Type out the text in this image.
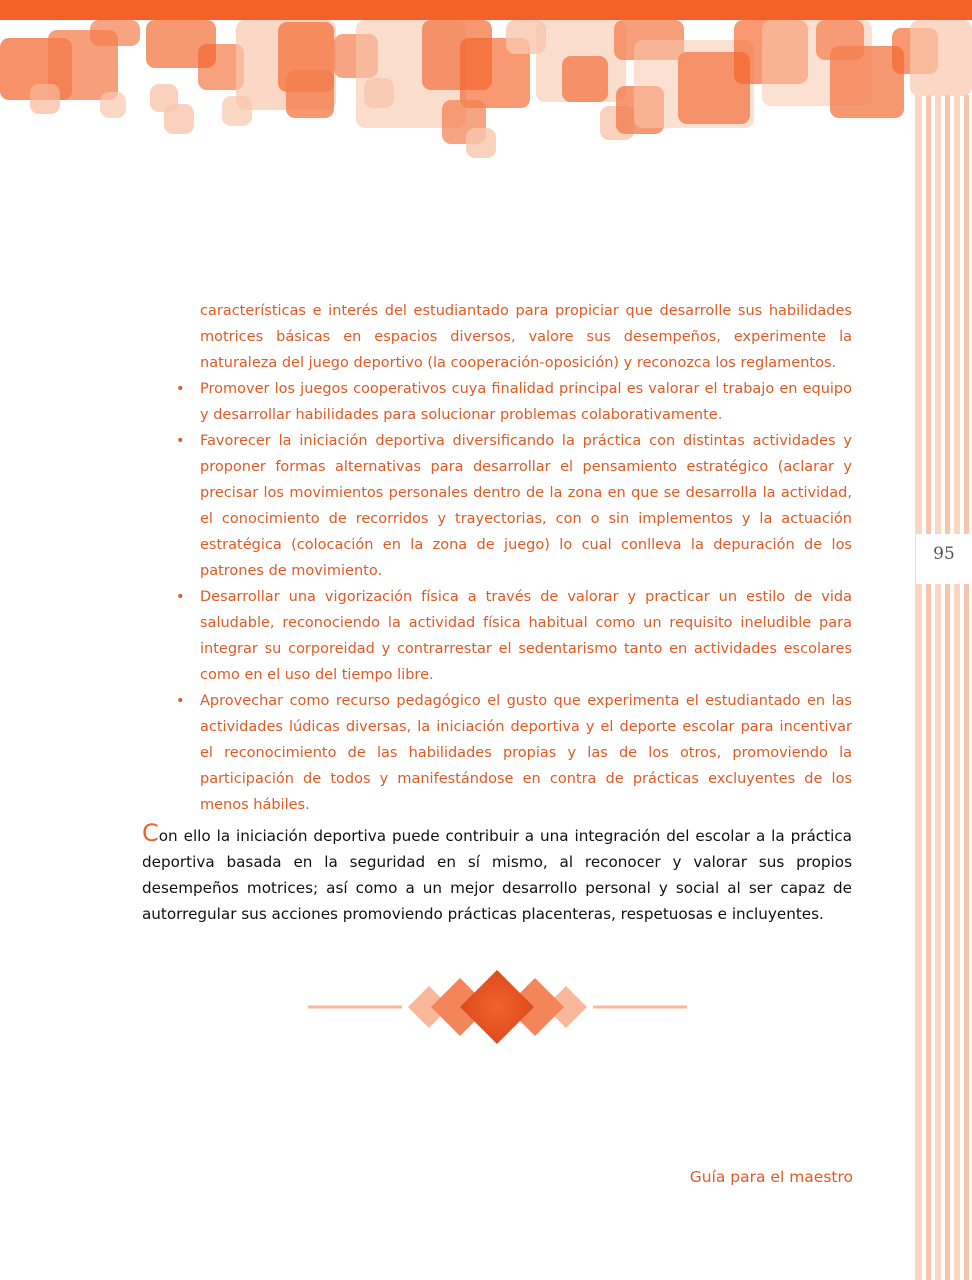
95

características e interés del estudiantado para propiciar que desarrolle sus habilidades motrices básicas en espacios diversos, valore sus desempeños, experimente la naturaleza del juego deportivo (la cooperación-oposición) y reconozca los reglamentos.

• Promover los juegos cooperativos cuya finalidad principal es valorar el trabajo en equipo y desarrollar habilidades para solucionar problemas colaborativamente.
• Favorecer la iniciación deportiva diversificando la práctica con distintas actividades y proponer formas alternativas para desarrollar el pensamiento estratégico (aclarar y precisar los movimientos personales dentro de la zona en que se desarrolla la actividad, el conocimiento de recorridos y trayectorias, con o sin implementos y la actuación estratégica (colocación en la zona de juego) lo cual conlleva la depuración de los patrones de movimiento.
• Desarrollar una vigorización física a través de valorar y practicar un estilo de vida saludable, reconociendo la actividad física habitual como un requisito ineludible para integrar su corporeidad y contrarrestar el sedentarismo tanto en actividades escolares como en el uso del tiempo libre.
• Aprovechar como recurso pedagógico el gusto que experimenta el estudiantado en las actividades lúdicas diversas, la iniciación deportiva y el deporte escolar para incentivar el reconocimiento de las habilidades propias y las de los otros, promoviendo la participación de todos y manifestándose en contra de prácticas excluyentes de los menos hábiles.

Con ello la iniciación deportiva puede contribuir a una integración del escolar a la práctica deportiva basada en la seguridad en sí mismo, al reconocer y valorar sus propios desempeños motrices; así como a un mejor desarrollo personal y social al ser capaz de autorregular sus acciones promoviendo prácticas placenteras, respetuosas e incluyentes.

Guía para el maestro
